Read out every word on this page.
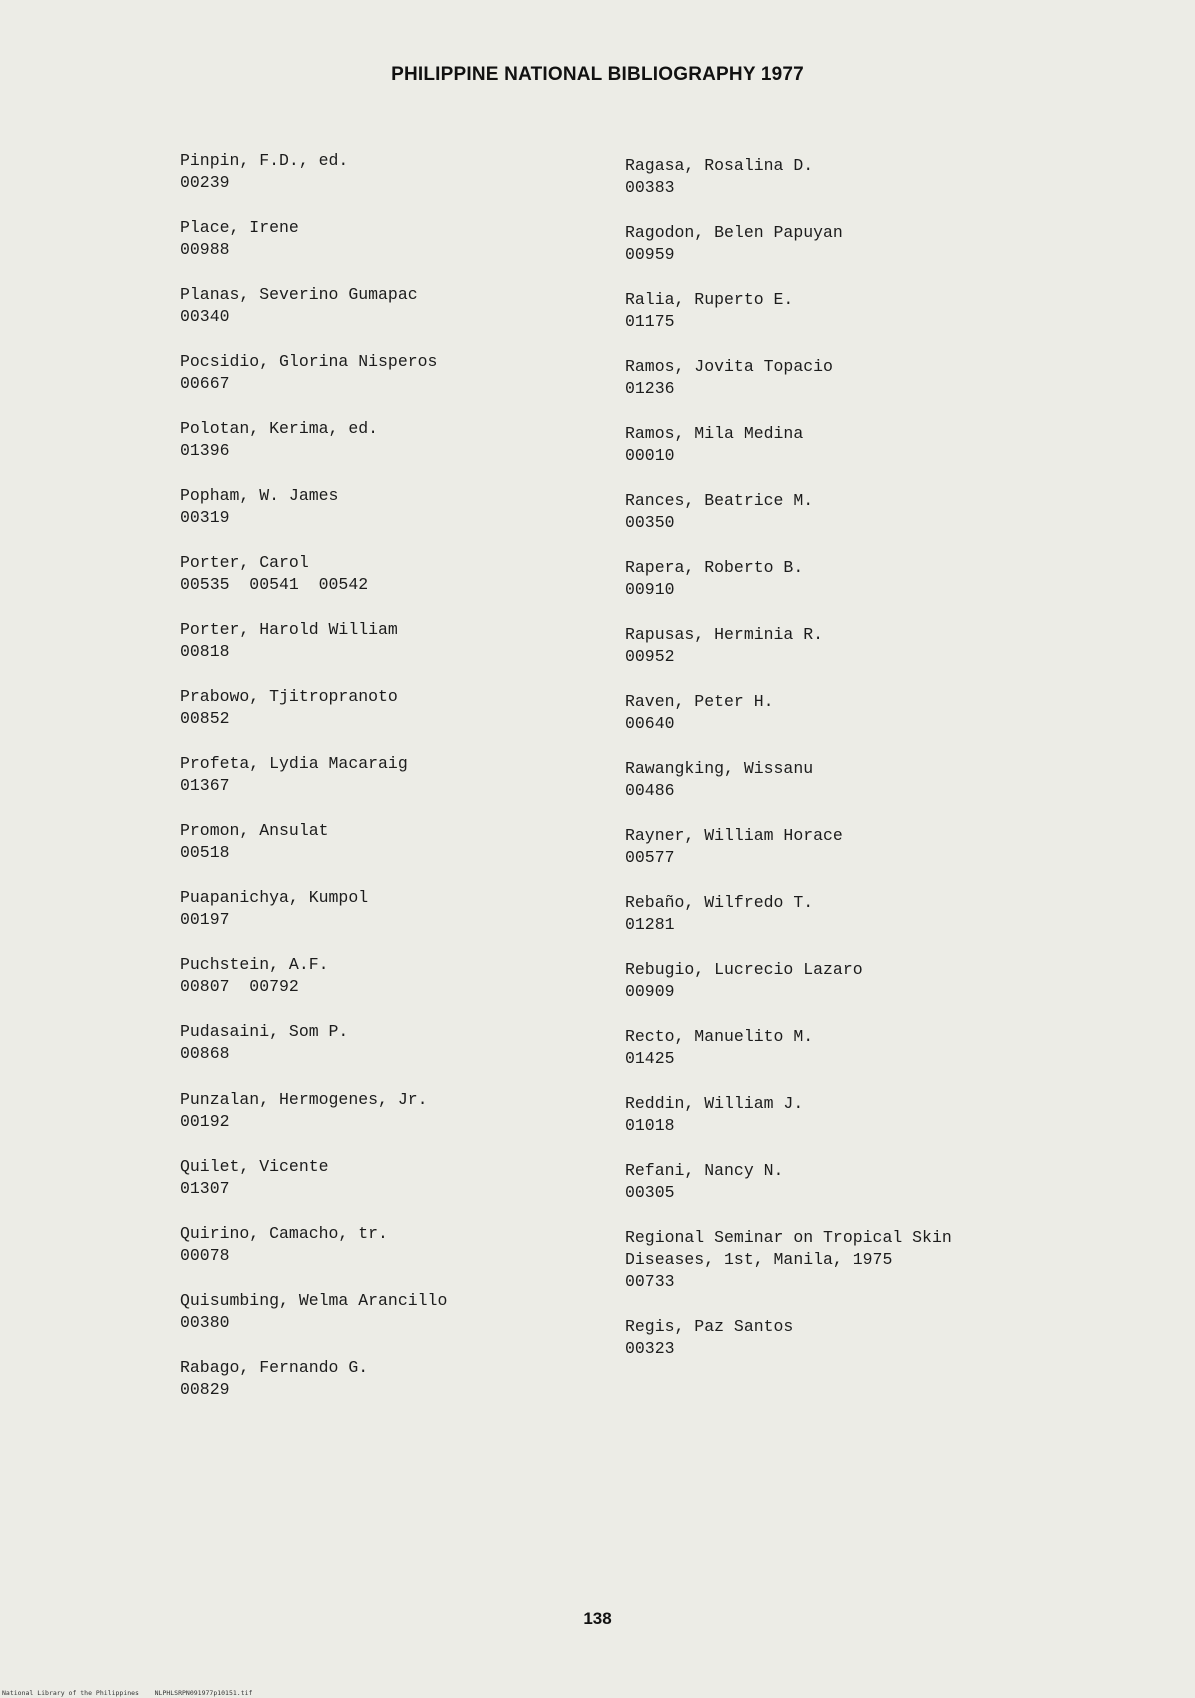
PHILIPPINE NATIONAL BIBLIOGRAPHY 1977
Pinpin, F.D., ed.
00239
Place, Irene
00988
Planas, Severino Gumapac
00340
Pocsidio, Glorina Nisperos
00667
Polotan, Kerima, ed.
01396
Popham, W. James
00319
Porter, Carol
00535  00541  00542
Porter, Harold William
00818
Prabowo, Tjitropranoto
00852
Profeta, Lydia Macaraig
01367
Promon, Ansulat
00518
Puapanichya, Kumpol
00197
Puchstein, A.F.
00807  00792
Pudasaini, Som P.
00868
Punzalan, Hermogenes, Jr.
00192
Quilet, Vicente
01307
Quirino, Camacho, tr.
00078
Quisumbing, Welma Arancillo
00380
Rabago, Fernando G.
00829
Ragasa, Rosalina D.
00383
Ragodon, Belen Papuyan
00959
Ralia, Ruperto E.
01175
Ramos, Jovita Topacio
01236
Ramos, Mila Medina
00010
Rances, Beatrice M.
00350
Rapera, Roberto B.
00910
Rapusas, Herminia R.
00952
Raven, Peter H.
00640
Rawangking, Wissanu
00486
Rayner, William Horace
00577
Rebaño, Wilfredo T.
01281
Rebugio, Lucrecio Lazaro
00909
Recto, Manuelito M.
01425
Reddin, William J.
01018
Refani, Nancy N.
00305
Regional Seminar on Tropical Skin
Diseases, 1st, Manila, 1975
00733
Regis, Paz Santos
00323
138
National Library of the Philippines    NLPHLSRPN091977p10151.tif
